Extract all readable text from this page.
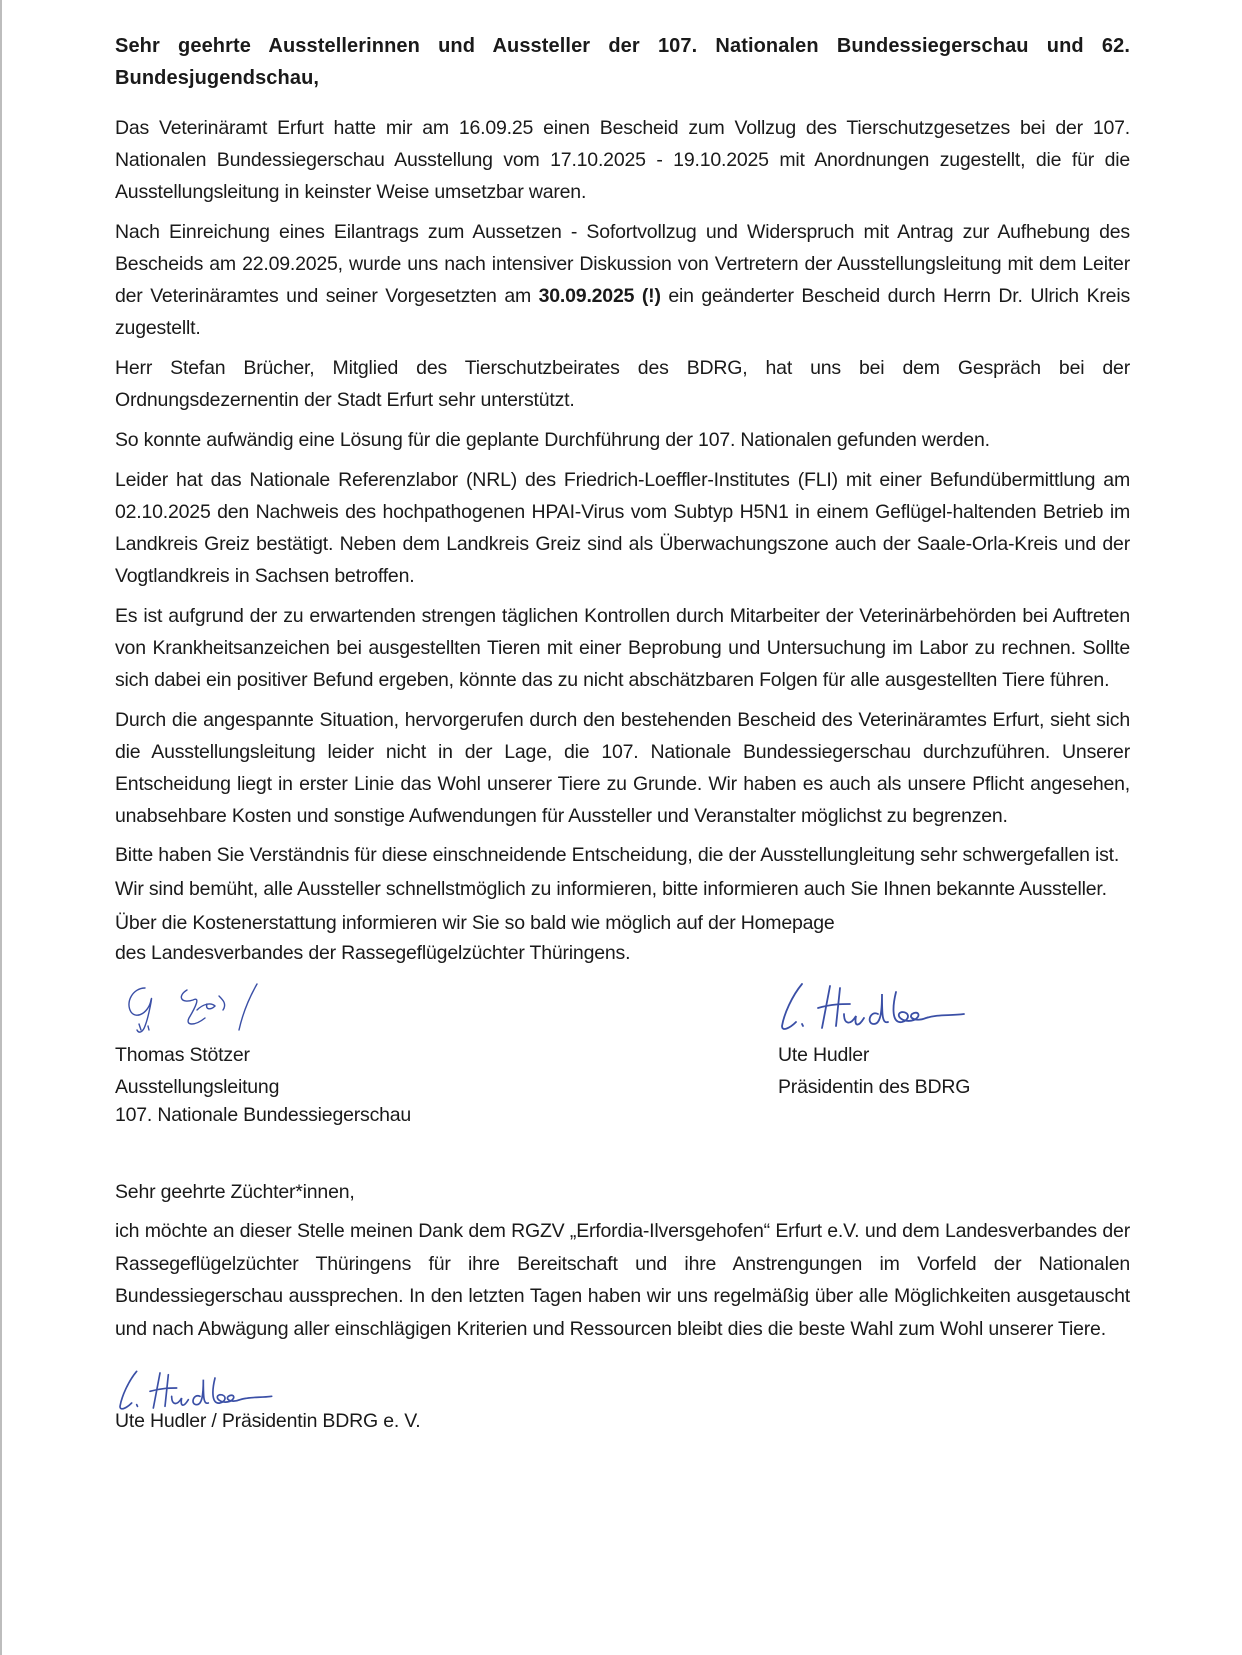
Sehr geehrte Ausstellerinnen und Aussteller der 107. Nationalen Bundessiegerschau und 62. Bundesjugendschau,

Das Veterinäramt Erfurt hatte mir am 16.09.25 einen Bescheid zum Vollzug des Tierschutzgesetzes bei der 107. Nationalen Bundessiegerschau Ausstellung vom 17.10.2025 - 19.10.2025 mit Anordnungen zugestellt, die für die Ausstellungsleitung in keinster Weise umsetzbar waren.

Nach Einreichung eines Eilantrags zum Aussetzen - Sofortvollzug und Widerspruch mit Antrag zur Aufhebung des Bescheids am 22.09.2025, wurde uns nach intensiver Diskussion von Vertretern der Ausstellungsleitung mit dem Leiter der Veterinäramtes und seiner Vorgesetzten am 30.09.2025 (!) ein geänderter Bescheid durch Herrn Dr. Ulrich Kreis zugestellt.

Herr Stefan Brücher, Mitglied des Tierschutzbeirates des BDRG, hat uns bei dem Gespräch bei der Ordnungsdezernentin der Stadt Erfurt sehr unterstützt.

So konnte aufwändig eine Lösung für die geplante Durchführung der 107. Nationalen gefunden werden.

Leider hat das Nationale Referenzlabor (NRL) des Friedrich-Loeffler-Institutes (FLI) mit einer Befundübermittlung am 02.10.2025 den Nachweis des hochpathogenen HPAI-Virus vom Subtyp H5N1 in einem Geflügel-haltenden Betrieb im Landkreis Greiz bestätigt. Neben dem Landkreis Greiz sind als Überwachungszone auch der Saale-Orla-Kreis und der Vogtlandkreis in Sachsen betroffen.

Es ist aufgrund der zu erwartenden strengen täglichen Kontrollen durch Mitarbeiter der Veterinärbehörden bei Auftreten von Krankheitsanzeichen bei ausgestellten Tieren mit einer Beprobung und Untersuchung im Labor zu rechnen. Sollte sich dabei ein positiver Befund ergeben, könnte das zu nicht abschätzbaren Folgen für alle ausgestellten Tiere führen.

Durch die angespannte Situation, hervorgerufen durch den bestehenden Bescheid des Veterinäramtes Erfurt, sieht sich die Ausstellungsleitung leider nicht in der Lage, die 107. Nationale Bundessiegerschau durchzuführen. Unserer Entscheidung liegt in erster Linie das Wohl unserer Tiere zu Grunde. Wir haben es auch als unsere Pflicht angesehen, unabsehbare Kosten und sonstige Aufwendungen für Aussteller und Veranstalter möglichst zu begrenzen.

Bitte haben Sie Verständnis für diese einschneidende Entscheidung, die der Ausstellungleitung sehr schwergefallen ist.

Wir sind bemüht, alle Aussteller schnellstmöglich zu informieren, bitte informieren auch Sie Ihnen bekannte Aussteller.

Über die Kostenerstattung informieren wir Sie so bald wie möglich auf der Homepage

des Landesverbandes der Rassegeflügelzüchter Thüringens.

Thomas Stötzer
Ausstellungsleitung
107. Nationale Bundessiegerschau
Ute Hudler
Präsidentin des BDRG

Sehr geehrte Züchter*innen,

ich möchte an dieser Stelle meinen Dank dem RGZV „Erfordia-Ilversgehofen“ Erfurt e.V. und dem Landesverbandes der Rassegeflügelzüchter Thüringens für ihre Bereitschaft und ihre Anstrengungen im Vorfeld der Nationalen Bundessiegerschau aussprechen. In den letzten Tagen haben wir uns regelmäßig über alle Möglichkeiten ausgetauscht und nach Abwägung aller einschlägigen Kriterien und Ressourcen bleibt dies die beste Wahl zum Wohl unserer Tiere.

Ute Hudler / Präsidentin BDRG e. V.
